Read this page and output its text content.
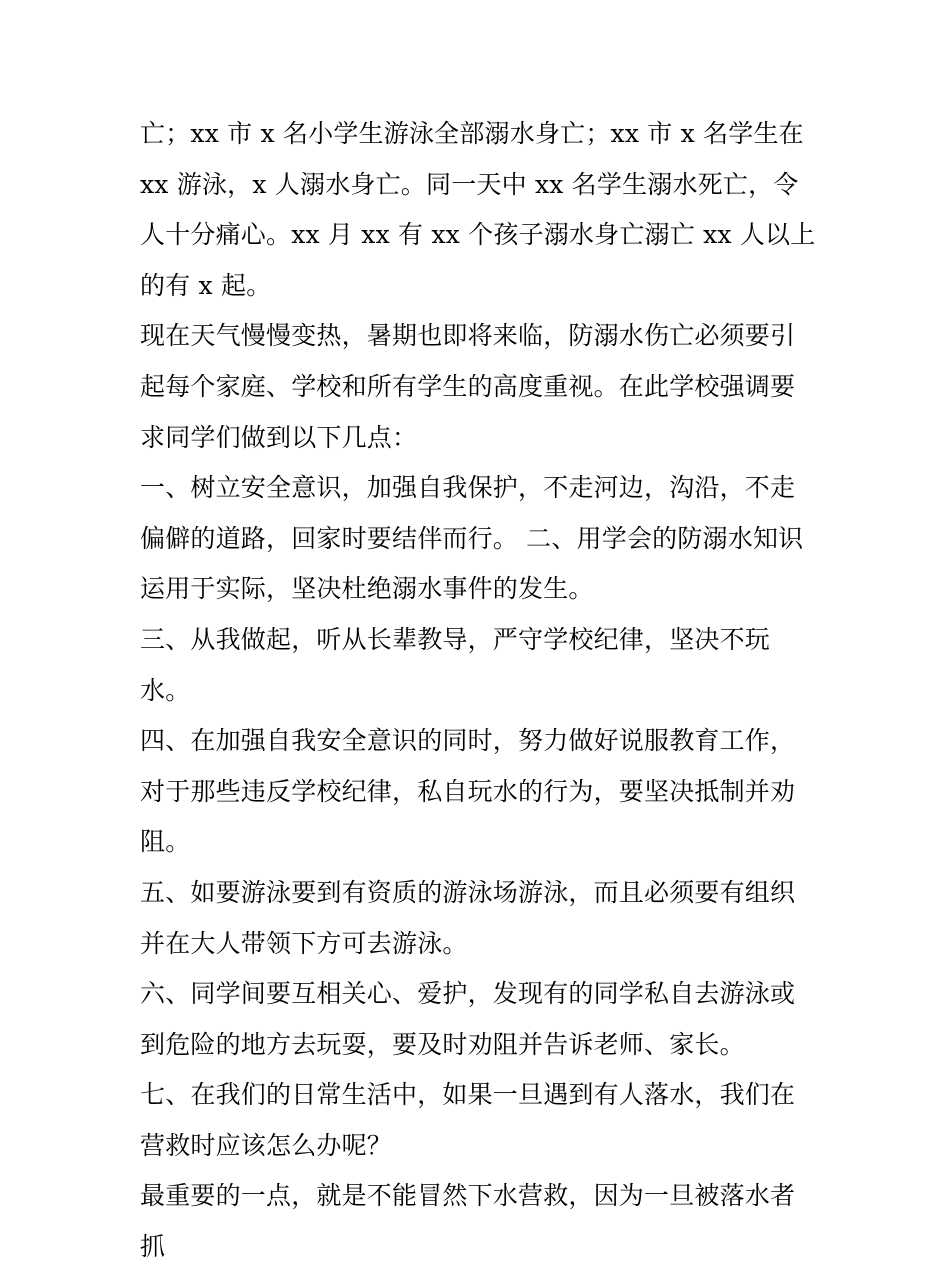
亡；xx 市 x 名小学生游泳全部溺水身亡；xx 市 x 名学生在 xx 游泳，x 人溺水身亡。同一天中 xx 名学生溺水死亡，令人十分痛心。xx 月 xx 有 xx 个孩子溺水身亡溺亡 xx 人以上的有 x 起。

现在天气慢慢变热，暑期也即将来临，防溺水伤亡必须要引起每个家庭、学校和所有学生的高度重视。在此学校强调要求同学们做到以下几点：

一、树立安全意识，加强自我保护，不走河边，沟沿，不走偏僻的道路，回家时要结伴而行。 二、用学会的防溺水知识运用于实际，坚决杜绝溺水事件的发生。

三、从我做起，听从长辈教导，严守学校纪律，坚决不玩水。

四、在加强自我安全意识的同时，努力做好说服教育工作，对于那些违反学校纪律，私自玩水的行为，要坚决抵制并劝阻。

五、如要游泳要到有资质的游泳场游泳，而且必须要有组织并在大人带领下方可去游泳。

六、同学间要互相关心、爱护，发现有的同学私自去游泳或到危险的地方去玩耍，要及时劝阻并告诉老师、家长。

七、在我们的日常生活中，如果一旦遇到有人落水，我们在营救时应该怎么办呢？

最重要的一点，就是不能冒然下水营救，因为一旦被落水者抓
